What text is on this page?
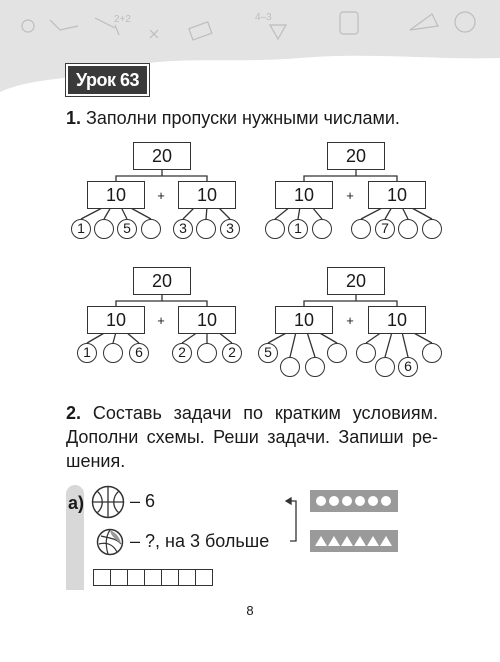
2+2	4–3
Урок 63
1. Заполни пропуски нужными числами.
20
10	+	10
1	5	3	3
20
10	+	10
1	7
20
10	+	10
1	6	2	2
20
10	+	10
5
6
2. Составь задачи по кратким условиям. Дополни схемы. Реши задачи. Запиши ре-шения.
а)	– 6
– ?, на 3 больше
8
